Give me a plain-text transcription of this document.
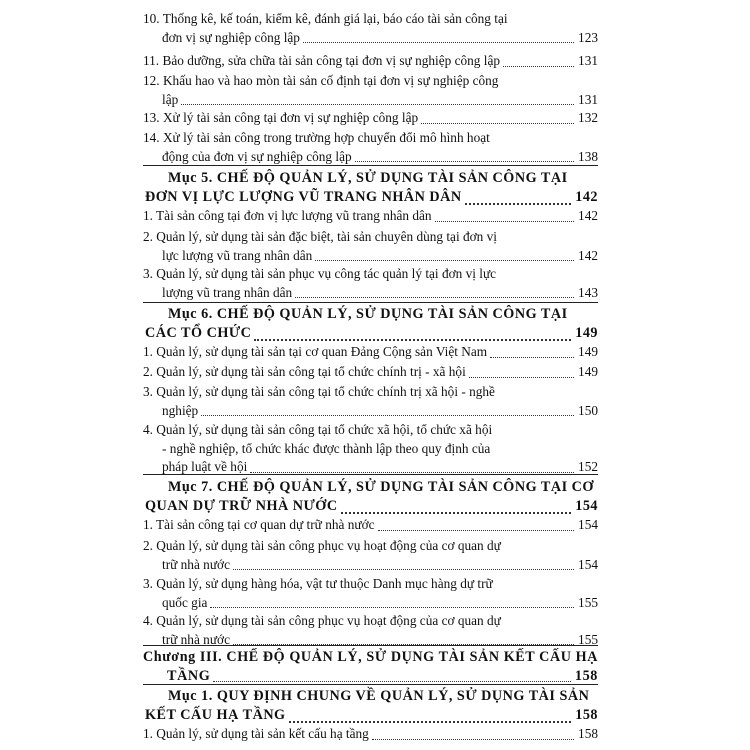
10. Thống kê, kế toán, kiểm kê, đánh giá lại, báo cáo tài sản công tại
đơn vị sự nghiệp công lập	123
11. Bảo dưỡng, sửa chữa tài sản công tại đơn vị sự nghiệp công lập	131
12. Khấu hao và hao mòn tài sản cố định tại đơn vị sự nghiệp công
lập	131
13. Xử lý tài sản công tại đơn vị sự nghiệp công lập	132
14. Xử lý tài sản công trong trường hợp chuyển đổi mô hình hoạt
động của đơn vị sự nghiệp công lập	138
Mục 5. CHẾ ĐỘ QUẢN LÝ, SỬ DỤNG TÀI SẢN CÔNG TẠI
ĐƠN VỊ LỰC LƯỢNG VŨ TRANG NHÂN DÂN	142
1. Tài sản công tại đơn vị lực lượng vũ trang nhân dân	142
2. Quản lý, sử dụng tài sản đặc biệt, tài sản chuyên dùng tại đơn vị
lực lượng vũ trang nhân dân	142
3. Quản lý, sử dụng tài sản phục vụ công tác quản lý tại đơn vị lực
lượng vũ trang nhân dân	143
Mục 6. CHẾ ĐỘ QUẢN LÝ, SỬ DỤNG TÀI SẢN CÔNG TẠI
CÁC TỔ CHỨC	149
1. Quản lý, sử dụng tài sản tại cơ quan Đảng Cộng sản Việt Nam	149
2. Quản lý, sử dụng tài sản công tại tổ chức chính trị - xã hội	149
3. Quản lý, sử dụng tài sản công tại tổ chức chính trị xã hội - nghề
nghiệp	150
4. Quản lý, sử dụng tài sản công tại tổ chức xã hội, tổ chức xã hội
- nghề nghiệp, tổ chức khác được thành lập theo quy định của
pháp luật về hội	152
Mục 7. CHẾ ĐỘ QUẢN LÝ, SỬ DỤNG TÀI SẢN CÔNG TẠI CƠ
QUAN DỰ TRỮ NHÀ NƯỚC	154
1. Tài sản công tại cơ quan dự trữ nhà nước	154
2. Quản lý, sử dụng tài sản công phục vụ hoạt động của cơ quan dự
trữ nhà nước	154
3. Quản lý, sử dụng hàng hóa, vật tư thuộc Danh mục hàng dự trữ
quốc gia	155
4. Quản lý, sử dụng tài sản công phục vụ hoạt động của cơ quan dự
trữ nhà nước	155
Chương III. CHẾ ĐỘ QUẢN LÝ, SỬ DỤNG TÀI SẢN KẾT CẤU HẠ
TẦNG	158
Mục 1. QUY ĐỊNH CHUNG VỀ QUẢN LÝ, SỬ DỤNG TÀI SẢN
KẾT CẤU HẠ TẦNG	158
1. Quản lý, sử dụng tài sản kết cấu hạ tầng	158
